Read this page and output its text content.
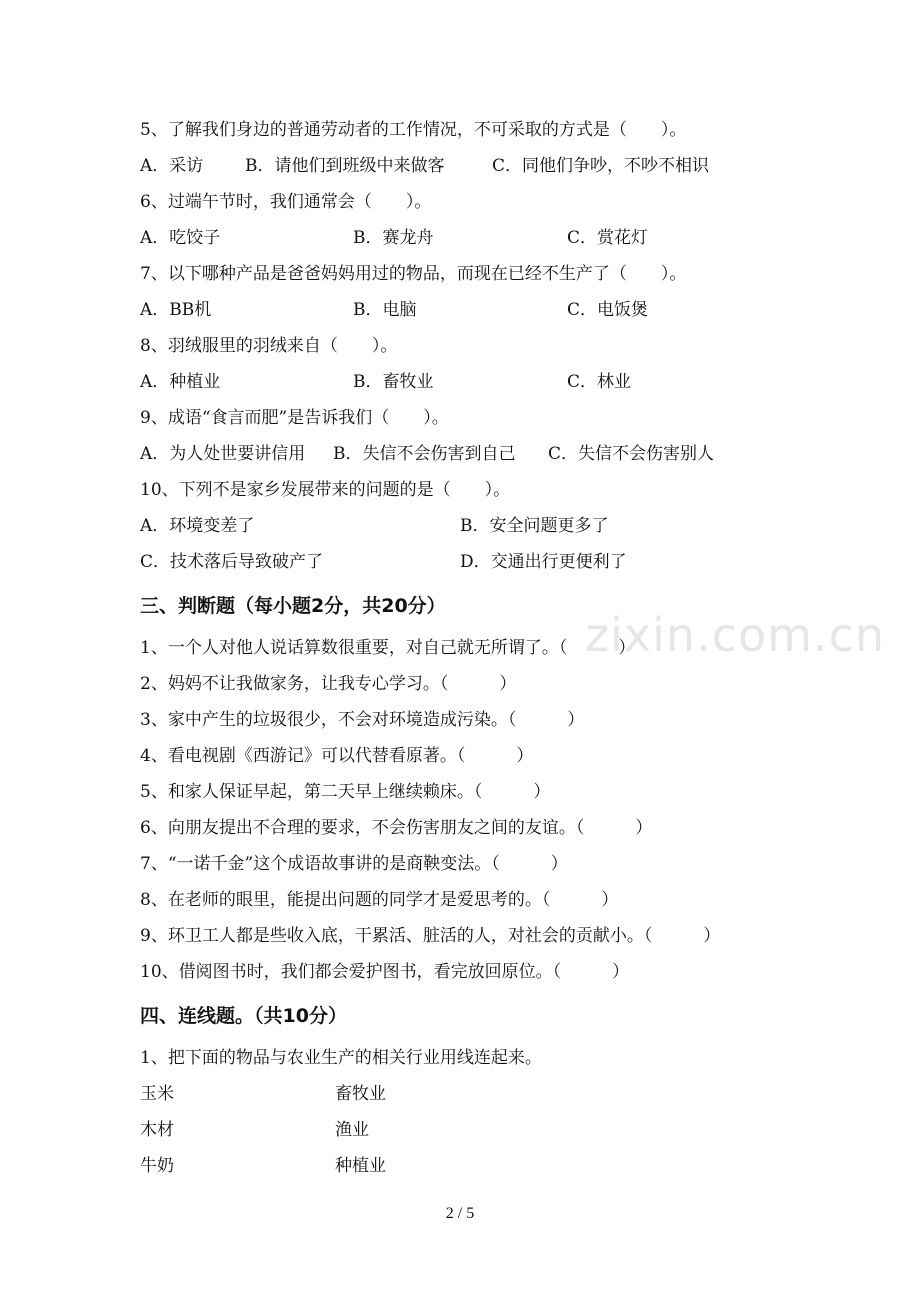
zixin.com.cn
5、了解我们身边的普通劳动者的工作情况，不可采取的方式是（　　）。
A．采访 B．请他们到班级中来做客	C．同他们争吵，不吵不相识
6、过端午节时，我们通常会（　　）。
A．吃饺子	B．赛龙舟	C．赏花灯
7、以下哪种产品是爸爸妈妈用过的物品，而现在已经不生产了（　　）。
A．BB机	B．电脑	C．电饭煲
8、羽绒服里的羽绒来自（　　）。
A．种植业	B．畜牧业	C．林业
9、成语“食言而肥”是告诉我们（　　）。
A．为人处世要讲信用 B．失信不会伤害到自己 C．失信不会伤害别人
10、下列不是家乡发展带来的问题的是（　　）。
A．环境变差了	B．安全问题更多了
C．技术落后导致破产了	D．交通出行更便利了
三、判断题（每小题2分，共20分）
1、一个人对他人说话算数很重要，对自己就无所谓了。（　　　）
2、妈妈不让我做家务，让我专心学习。（　　　）
3、家中产生的垃圾很少，不会对环境造成污染。（　　　）
4、看电视剧《西游记》可以代替看原著。（　　　）
5、和家人保证早起，第二天早上继续赖床。（　　　）
6、向朋友提出不合理的要求，不会伤害朋友之间的友谊。（　　　）
7、“一诺千金”这个成语故事讲的是商鞅变法。（　　　）
8、在老师的眼里，能提出问题的同学才是爱思考的。（　　　）
9、环卫工人都是些收入底，干累活、脏活的人，对社会的贡献小。（　　　）
10、借阅图书时，我们都会爱护图书，看完放回原位。（　　　）
四、连线题。（共10分）
1、把下面的物品与农业生产的相关行业用线连起来。
玉米	畜牧业
木材	渔业
牛奶	种植业
2 / 5
